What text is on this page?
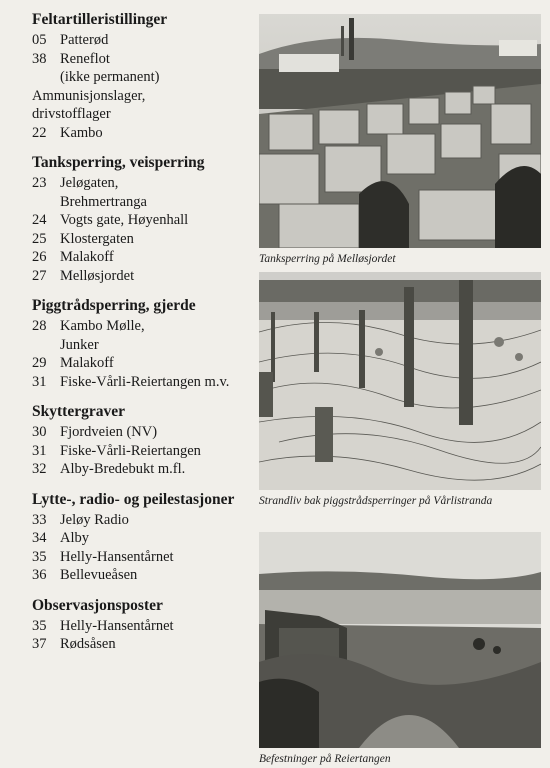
Feltartilleristillinger
05 Patterød
38 Reneflot
(ikke permanent)
Ammunisjonslager,
drivstofflager
22 Kambo
Tanksperring, veisperring
23 Jeløgaten,
Brehmertranga
24 Vogts gate, Høyenhall
25 Klostergaten
26 Malakoff
27 Melløsjordet
Piggtrådsperring, gjerde
28 Kambo Mølle,
Junker
29 Malakoff
31 Fiske-Vårli-Reiertangen m.v.
Skyttergraver
30 Fjordveien (NV)
31 Fiske-Vårli-Reiertangen
32 Alby-Bredebukt m.fl.
Lytte-, radio- og peilestasjoner
33 Jeløy Radio
34 Alby
35 Helly-Hansentårnet
36 Bellevueåsen
Observasjonsposter
35 Helly-Hansentårnet
37 Rødsåsen
Tanksperring på Melløsjordet
Strandliv bak piggstrådsperringer på Vårlistranda
Befestninger på Reiertangen
